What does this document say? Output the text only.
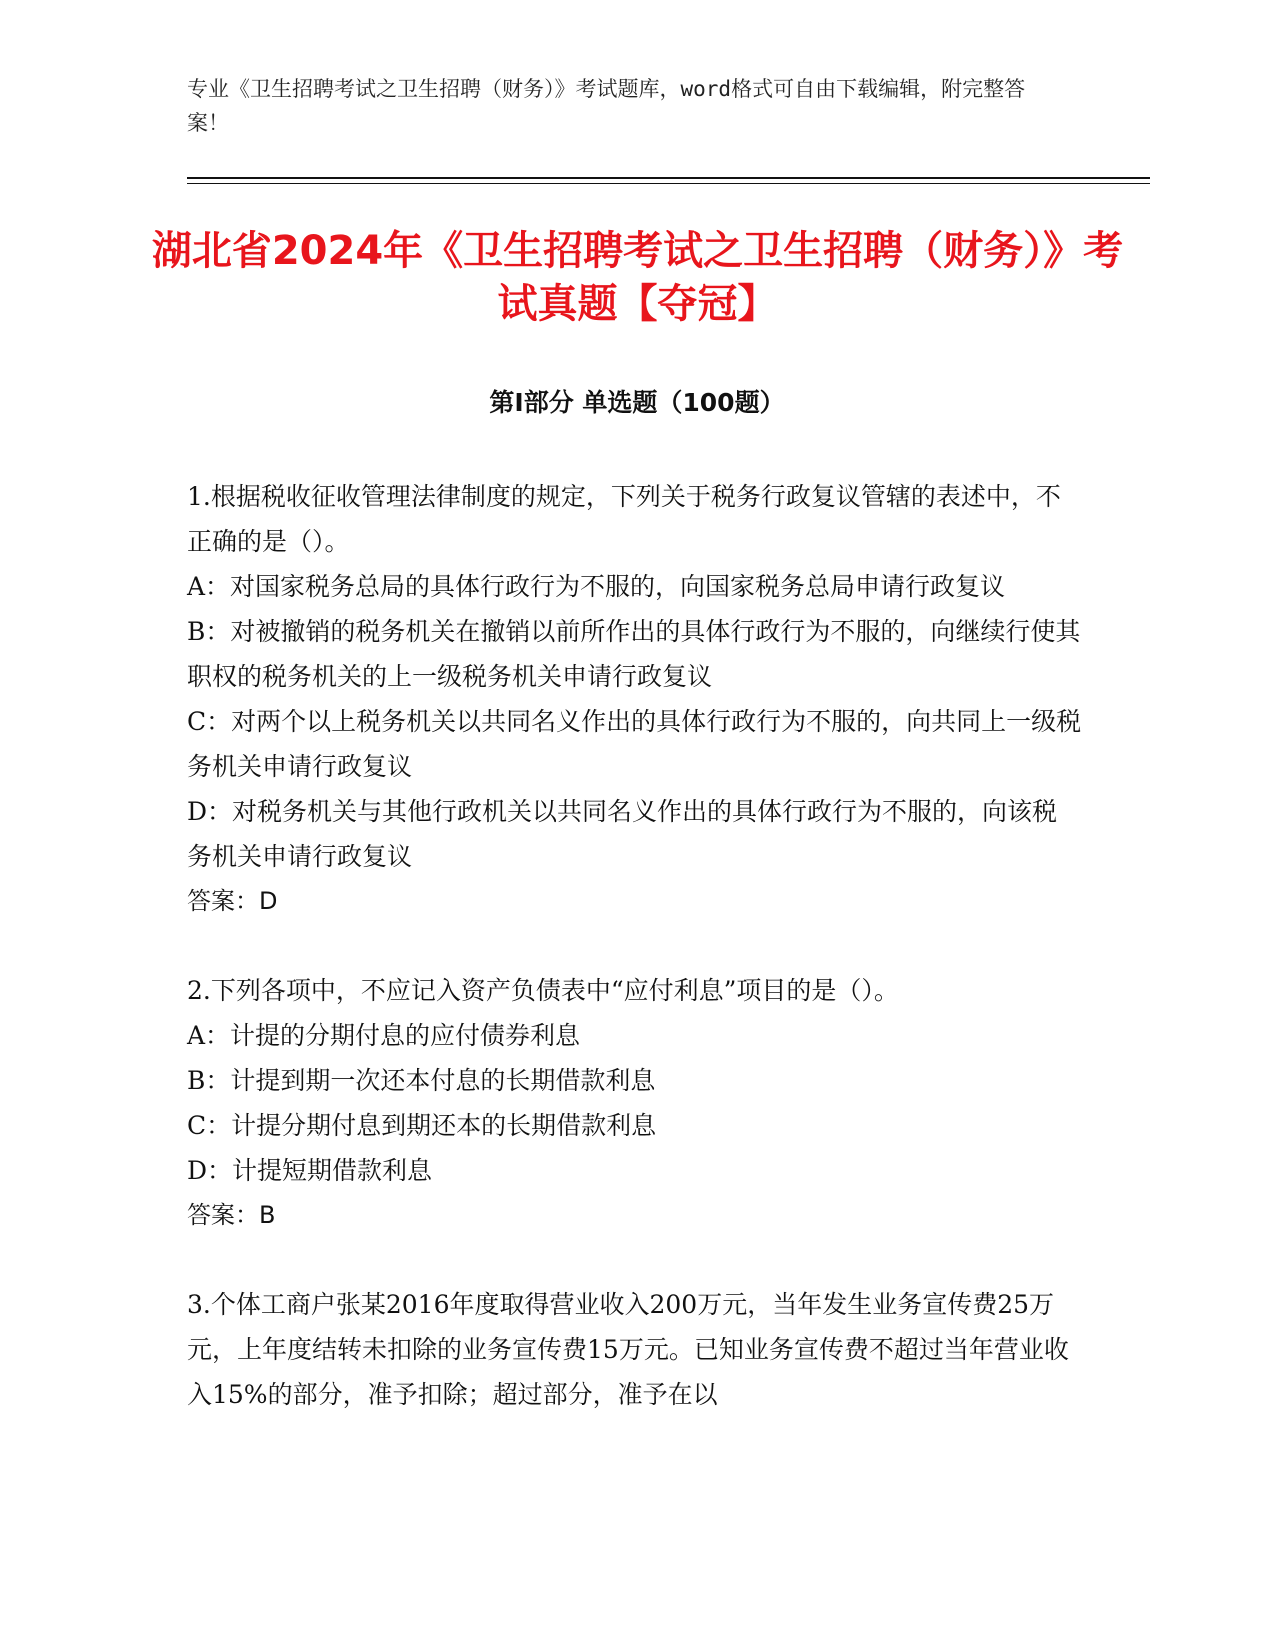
专业《卫生招聘考试之卫生招聘（财务）》考试题库，word格式可自由下载编辑，附完整答案！
湖北省2024年《卫生招聘考试之卫生招聘（财务）》考试真题【夺冠】
第I部分 单选题（100题）
1.根据税收征收管理法律制度的规定，下列关于税务行政复议管辖的表述中，不正确的是（）。
A：对国家税务总局的具体行政行为不服的，向国家税务总局申请行政复议
B：对被撤销的税务机关在撤销以前所作出的具体行政行为不服的，向继续行使其职权的税务机关的上一级税务机关申请行政复议
C：对两个以上税务机关以共同名义作出的具体行政行为不服的，向共同上一级税务机关申请行政复议
D：对税务机关与其他行政机关以共同名义作出的具体行政行为不服的，向该税务机关申请行政复议
答案：D
2.下列各项中，不应记入资产负债表中“应付利息”项目的是（）。
A：计提的分期付息的应付债券利息
B：计提到期一次还本付息的长期借款利息
C：计提分期付息到期还本的长期借款利息
D：计提短期借款利息
答案：B
3.个体工商户张某2016年度取得营业收入200万元，当年发生业务宣传费25万元，上年度结转未扣除的业务宣传费15万元。已知业务宣传费不超过当年营业收入15%的部分，准予扣除；超过部分，准予在以
